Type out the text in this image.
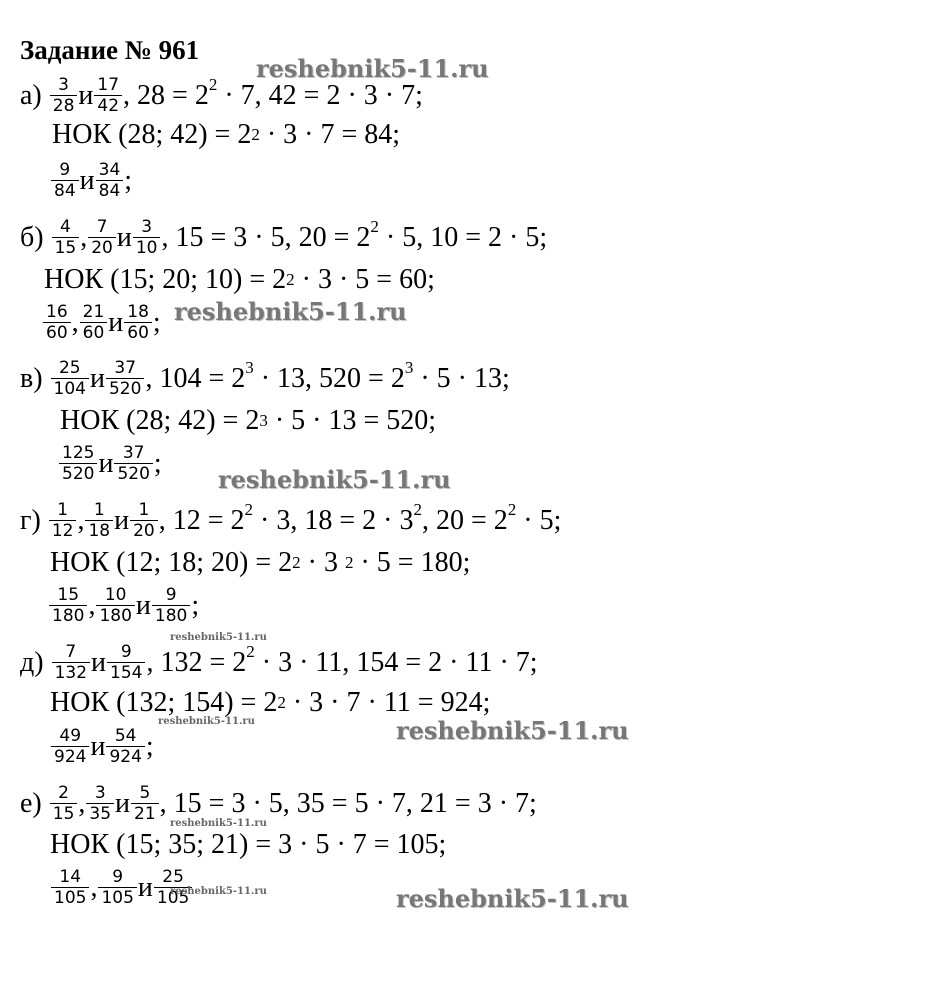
Задание № 961
$а) \frac{3}{28}$ и $\frac{17}{42}$ , $28 = 2^2 \cdot 7$, 42 = 2 · 3 · 7;
НОК (28; 42) = 2 2 · 3 · 7 = 84;
$\frac{9}{84}$ и $\frac{34}{84}$ ;
$б) \frac{4}{15}$ , $\frac{7}{20}$ и $\frac{3}{10}$ , 15 = 3 · 5, $20 = 2^2 \cdot 5$, 10 = 2 · 5;
НОК (15; 20; 10) = 2 2 · 3 · 5 = 60;
$\frac{16}{60}$ , $\frac{21}{60}$ и $\frac{18}{60}$ ;
$в) \frac{25}{104}$ и $\frac{37}{520}$ , $104 = 2^3 \cdot 13$, $520 = 2^3 \cdot 5 \cdot 13$;
НОК (28; 42) = 2 3 · 5 · 13 = 520;
$\frac{125}{520}$ и $\frac{37}{520}$ ;
$г) \frac{1}{12}$ , $\frac{1}{18}$ и $\frac{1}{20}$ , $12 = 2^2 \cdot 3$, $18 = 2 \cdot 3^2$, $20 = 2^2 \cdot 5$;
НОК (12; 18; 20) = 2 2 · 3 2 · 5 = 180;
$\frac{15}{180}$ , $\frac{10}{180}$ и $\frac{9}{180}$ ;
$д) \frac{7}{132}$ и $\frac{9}{154}$ , $132 = 2^2 \cdot 3 \cdot 11$, 154 = 2 · 11 · 7;
НОК (132; 154) = 2 2 · 3 · 7 · 11 = 924;
$\frac{49}{924}$ и $\frac{54}{924}$ ;
$е) \frac{2}{15}$ , $\frac{3}{35}$ и $\frac{5}{21}$ , 15 = 3 · 5, 35 = 5 · 7, 21 = 3 · 7;
НОК (15; 35; 21) = 3 · 5 · 7 = 105;
$\frac{14}{105}$ , $\frac{9}{105}$ и $\frac{25}{105}$
reshebnik5-11.ru
reshebnik5-11.ru
reshebnik5-11.ru
reshebnik5-11.ru
reshebnik5-11.ru	reshebnik5-11.ru
reshebnik5-11.ru
reshebnik5-11.ru	reshebnik5-11.ru
